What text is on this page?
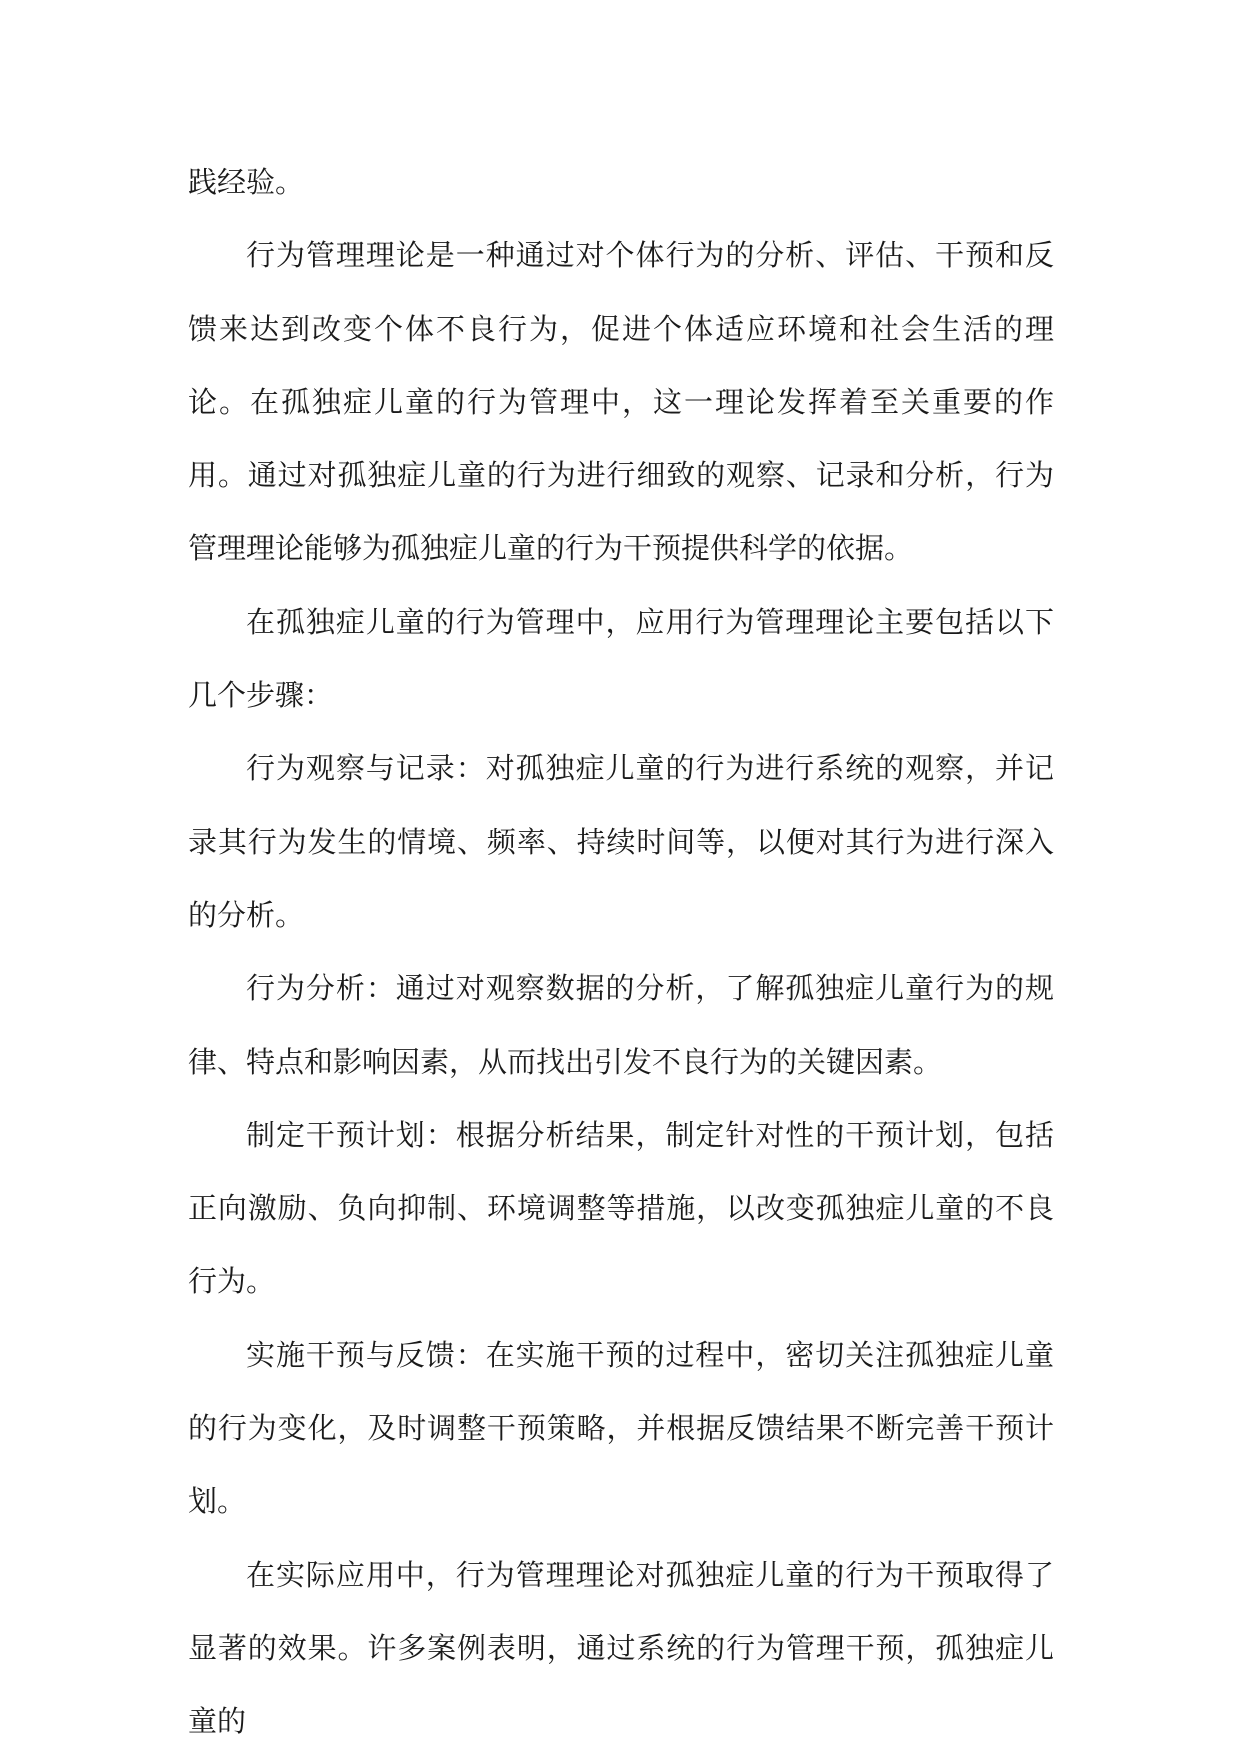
践经验。

行为管理理论是一种通过对个体行为的分析、评估、干预和反馈来达到改变个体不良行为，促进个体适应环境和社会生活的理论。在孤独症儿童的行为管理中，这一理论发挥着至关重要的作用。通过对孤独症儿童的行为进行细致的观察、记录和分析，行为管理理论能够为孤独症儿童的行为干预提供科学的依据。

在孤独症儿童的行为管理中，应用行为管理理论主要包括以下几个步骤：

行为观察与记录：对孤独症儿童的行为进行系统的观察，并记录其行为发生的情境、频率、持续时间等，以便对其行为进行深入的分析。

行为分析：通过对观察数据的分析，了解孤独症儿童行为的规律、特点和影响因素，从而找出引发不良行为的关键因素。

制定干预计划：根据分析结果，制定针对性的干预计划，包括正向激励、负向抑制、环境调整等措施，以改变孤独症儿童的不良行为。

实施干预与反馈：在实施干预的过程中，密切关注孤独症儿童的行为变化，及时调整干预策略，并根据反馈结果不断完善干预计划。

在实际应用中，行为管理理论对孤独症儿童的行为干预取得了显著的效果。许多案例表明，通过系统的行为管理干预，孤独症儿童的
